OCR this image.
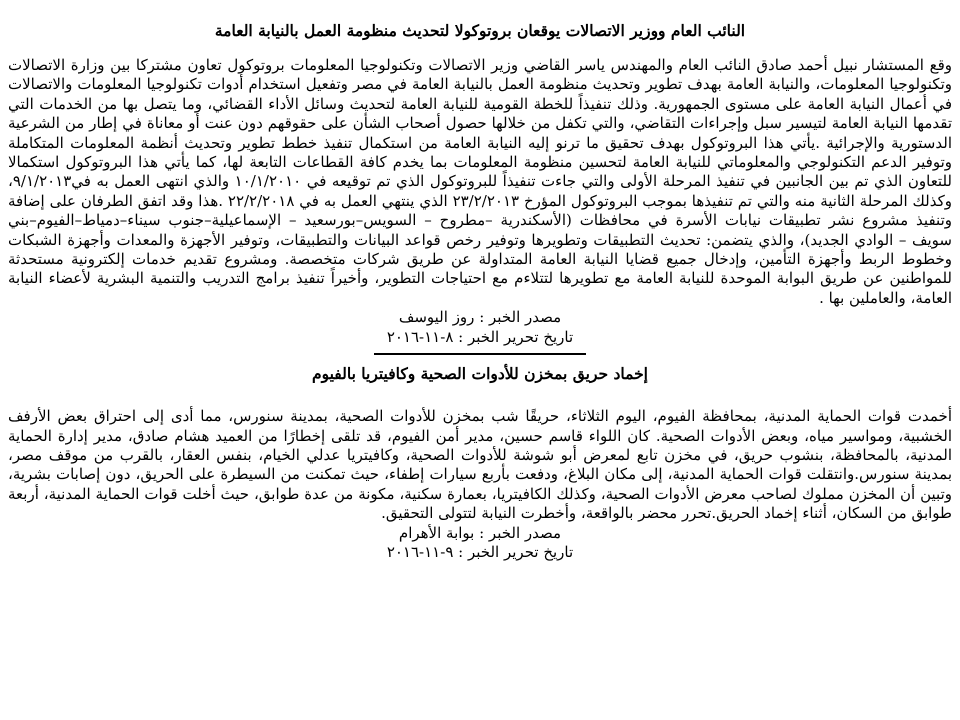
النائب العام ووزير الاتصالات يوقعان بروتوكولا لتحديث منظومة العمل بالنيابة العامة

وقع المستشار نبيل أحمد صادق النائب العام والمهندس ياسر القاضي وزير الاتصالات وتكنولوجيا المعلومات بروتوكول تعاون مشتركا بين وزارة الاتصالات وتكنولوجيا المعلومات، والنيابة العامة بهدف تطوير وتحديث منظومة العمل بالنيابة العامة في مصر وتفعيل استخدام أدوات تكنولوجيا المعلومات والاتصالات في أعمال النيابة العامة على مستوى الجمهورية. وذلك تنفيذاً للخطة القومية للنيابة العامة لتحديث وسائل الأداء القضائي، وما يتصل بها من الخدمات التي تقدمها النيابة العامة لتيسير سبل وإجراءات التقاضي، والتي تكفل من خلالها حصول أصحاب الشأن على حقوقهم دون عنت أو معاناة في إطار من الشرعية الدستورية والإجرائية .يأتي هذا البروتوكول بهدف تحقيق ما ترنو إليه النيابة العامة من استكمال تنفيذ خطط تطوير وتحديث أنظمة المعلومات المتكاملة وتوفير الدعم التكنولوجي والمعلوماتي للنيابة العامة لتحسين منظومة المعلومات بما يخدم كافة القطاعات التابعة لها، كما يأتي هذا البروتوكول استكمالا للتعاون الذي تم بين الجانبين في تنفيذ المرحلة الأولى والتي جاءت تنفيذاً للبروتوكول الذي تم توقيعه في ١٠/١/٢٠١٠ والذي انتهى العمل به في٩/١/٢٠١٣، وكذلك المرحلة الثانية منه والتي تم تنفيذها بموجب البروتوكول المؤرخ ٢٣/٢/٢٠١٣ الذي ينتهي العمل به في ٢٢/٢/٢٠١٨ .هذا وقد اتفق الطرفان على إضافة وتنفيذ مشروع نشر تطبيقات نيابات الأسرة في محافظات (الأسكندرية –مطروح – السويس–بورسعيد – الإسماعيلية–جنوب سيناء–دمياط–الفيوم–بني سويف – الوادي الجديد)، والذي يتضمن: تحديث التطبيقات وتطويرها وتوفير رخص قواعد البيانات والتطبيقات، وتوفير الأجهزة والمعدات وأجهزة الشبكات وخطوط الربط وأجهزة التأمين، وإدخال جميع قضايا النيابة العامة المتداولة عن طريق شركات متخصصة. ومشروع تقديم خدمات إلكترونية مستحدثة للمواطنين عن طريق البوابة الموحدة للنيابة العامة مع تطويرها لتتلاءم مع احتياجات التطوير، وأخيراً تنفيذ برامج التدريب والتنمية البشرية لأعضاء النيابة العامة، والعاملين بها .

مصدر الخبر : روز اليوسف

تاريخ تحرير الخبر : ٨-١١-٢٠١٦

إخماد حريق بمخزن للأدوات الصحية وكافيتريا بالفيوم

أخمدت قوات الحماية المدنية، بمحافظة الفيوم، اليوم الثلاثاء، حريقًا شب بمخزن للأدوات الصحية، بمدينة سنورس، مما أدى إلى احتراق بعض الأرفف الخشبية، ومواسير مياه، وبعض الأدوات الصحية. كان اللواء قاسم حسين، مدير أمن الفيوم، قد تلقى إخطارًا من العميد هشام صادق، مدير إدارة الحماية المدنية، بالمحافظة، بنشوب حريق، في مخزن تابع لمعرض أبو شوشة للأدوات الصحية، وكافيتريا عدلي الخيام، بنفس العقار، بالقرب من موقف مصر، بمدينة سنورس.وانتقلت قوات الحماية المدنية، إلى مكان البلاغ، ودفعت بأربع سيارات إطفاء، حيث تمكنت من السيطرة على الحريق، دون إصابات بشرية، وتبين أن المخزن مملوك لصاحب معرض الأدوات الصحية، وكذلك الكافيتريا، بعمارة سكنية، مكونة من عدة طوابق، حيث أخلت قوات الحماية المدنية، أربعة طوابق من السكان، أثناء إخماد الحريق.تحرر محضر بالواقعة، وأخطرت النيابة لتتولى التحقيق.

مصدر الخبر : بوابة الأهرام

تاريخ تحرير الخبر : ٩-١١-٢٠١٦
